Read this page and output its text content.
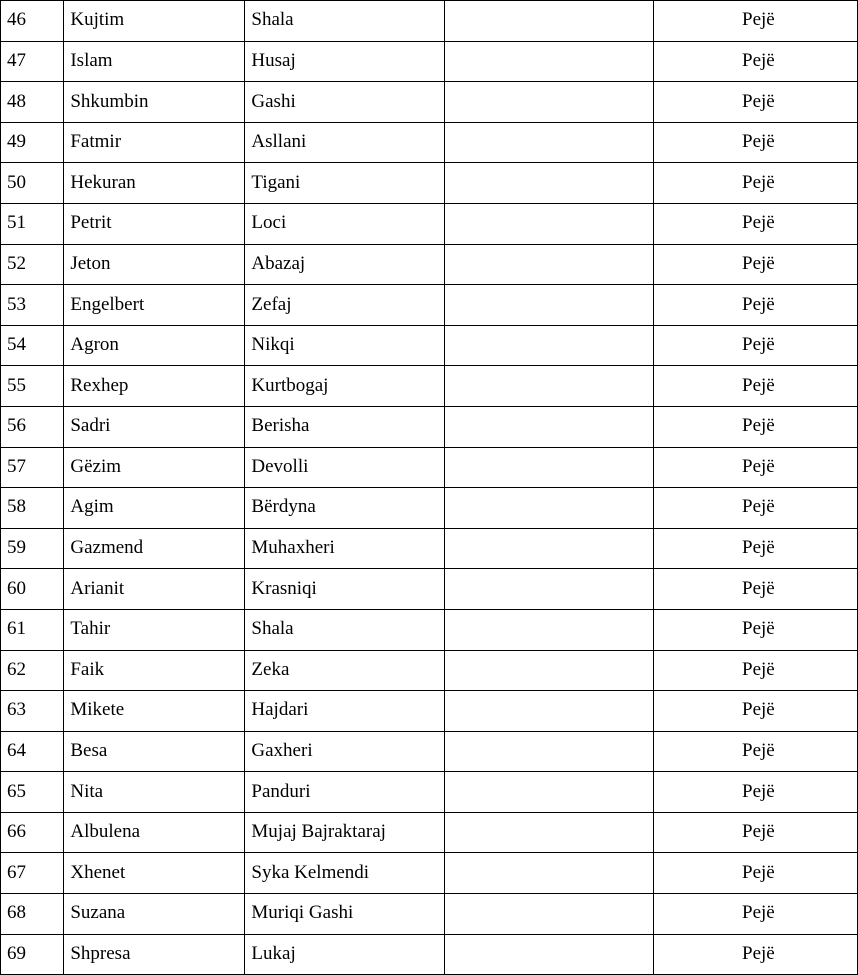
46	Kujtim	Shala		Pejë
47	Islam	Husaj		Pejë
48	Shkumbin	Gashi		Pejë
49	Fatmir	Asllani		Pejë
50	Hekuran	Tigani		Pejë
51	Petrit	Loci		Pejë
52	Jeton	Abazaj		Pejë
53	Engelbert	Zefaj		Pejë
54	Agron	Nikqi		Pejë
55	Rexhep	Kurtbogaj		Pejë
56	Sadri	Berisha		Pejë
57	Gëzim	Devolli		Pejë
58	Agim	Bërdyna		Pejë
59	Gazmend	Muhaxheri		Pejë
60	Arianit	Krasniqi		Pejë
61	Tahir	Shala		Pejë
62	Faik	Zeka		Pejë
63	Mikete	Hajdari		Pejë
64	Besa	Gaxheri		Pejë
65	Nita	Panduri		Pejë
66	Albulena	Mujaj Bajraktaraj		Pejë
67	Xhenet	Syka Kelmendi		Pejë
68	Suzana	Muriqi Gashi		Pejë
69	Shpresa	Lukaj		Pejë
